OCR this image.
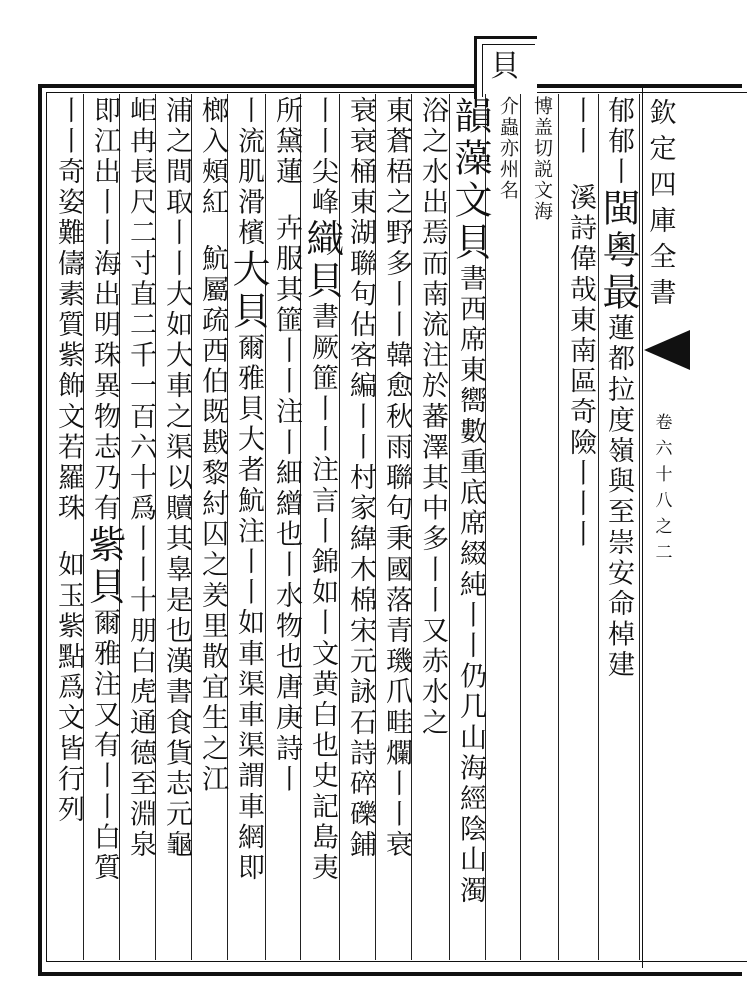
貝
欽定四庫全書
卷六十八之二
郁郁丨閩粵最蓮都拉度嶺與至崇安命棹建
丨丨溪詩偉哉東南區奇險丨丨丨
博盖切説文海
介蟲亦州名
韻藻文貝書西席東嚮數重底席綴純丨丨仍几山海經陰山濁
浴之水出焉而南流注於蕃澤其中多丨丨又赤水之
東蒼梧之野多丨丨韓愈秋雨聯句秉國落青璣爪畦爛丨丨衰
衰衰桶東湖聯句估客編丨丨村家緯木棉宋元詠石詩碎礫鋪
丨丨尖峰織貝書厥篚丨丨注言丨錦如丨文黄白也史記島夷
所黛蓮卉服其篚丨丨注丨細繒也丨水物也唐庚詩丨
丨流肌滑檳大貝爾雅貝大者魧注丨丨如車渠車渠謂車網即
榔入頰紅魧屬疏西伯既戡黎紂囚之羑里散宜生之江
浦之間取丨丨大如大車之渠以贖其辠是也漢書食貨志元龜
岠冉長尺二寸直二千一百六十爲丨丨十朋白虎通德至淵泉
即江出丨丨海出明珠異物志乃有紫貝爾雅注又有丨丨白質
丨丨奇姿難儔素質紫飾文若羅珠如玉紫點爲文皆行列
